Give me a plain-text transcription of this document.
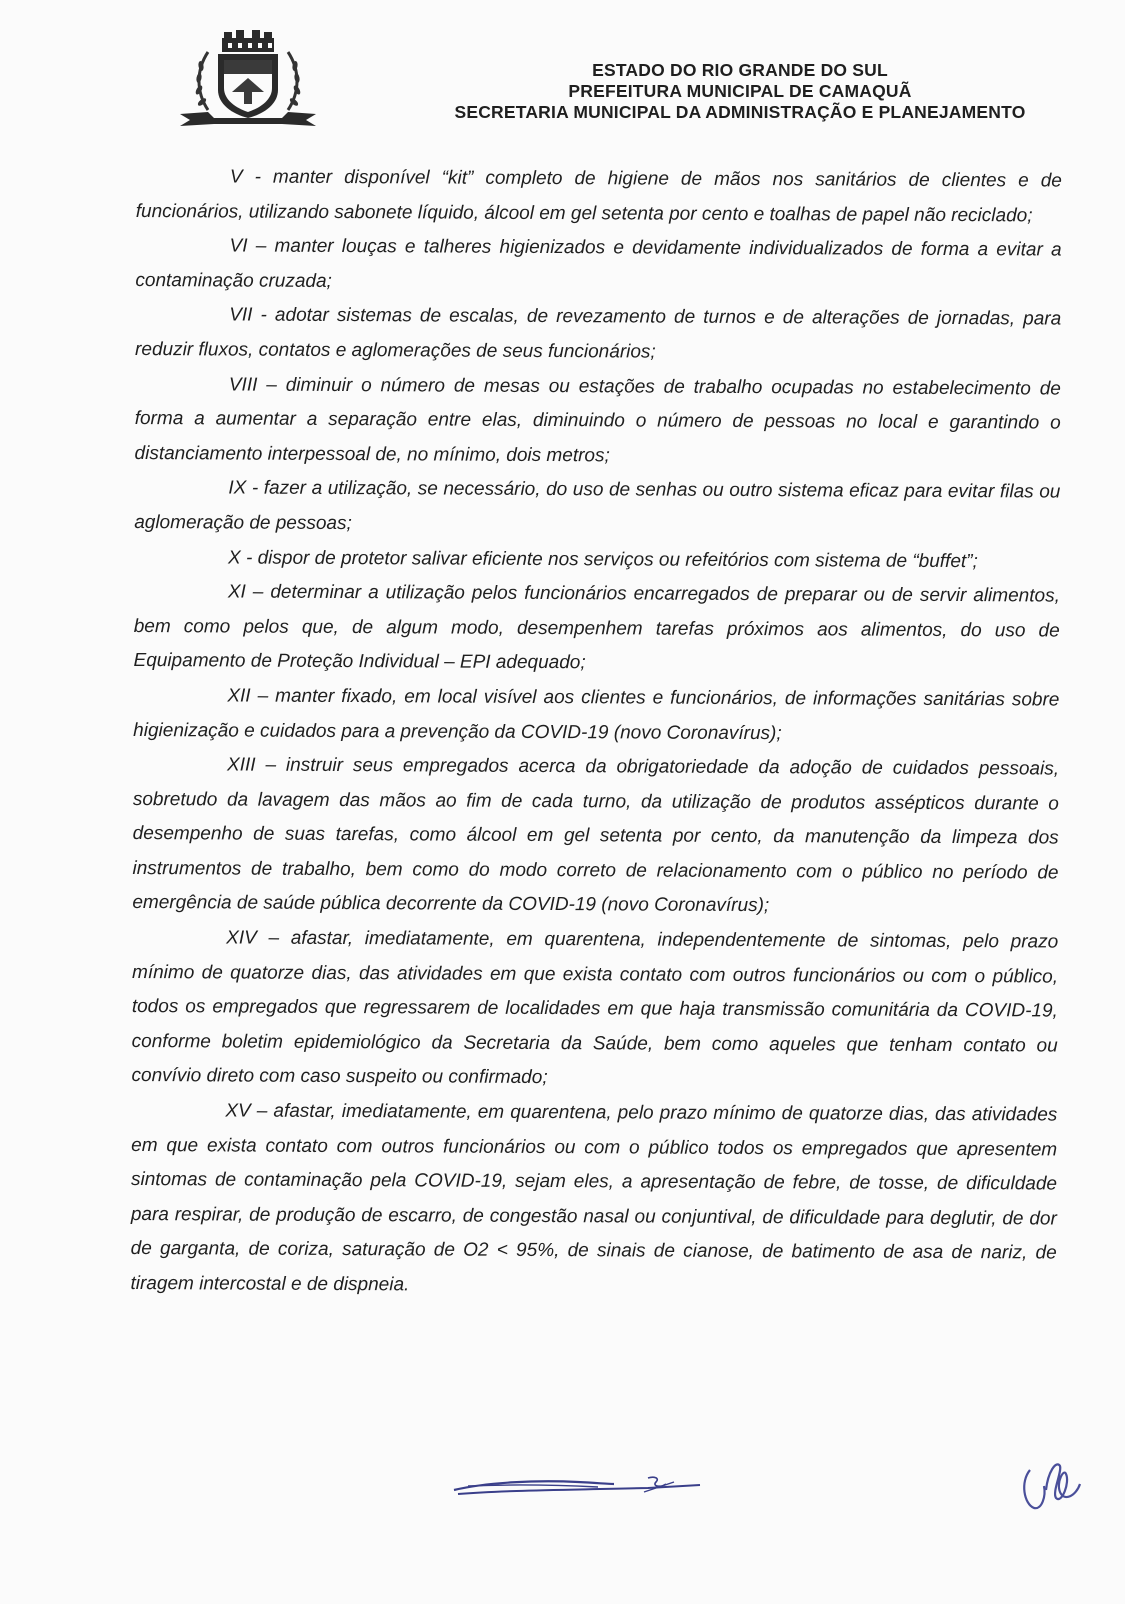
ESTADO DO RIO GRANDE DO SUL
PREFEITURA MUNICIPAL DE CAMAQUÃ
SECRETARIA MUNICIPAL DA ADMINISTRAÇÃO E PLANEJAMENTO

V - manter disponível “kit” completo de higiene de mãos nos sanitários de clientes e de funcionários, utilizando sabonete líquido, álcool em gel setenta por cento e toalhas de papel não reciclado;

VI – manter louças e talheres higienizados e devidamente individualizados de forma a evitar a contaminação cruzada;

VII - adotar sistemas de escalas, de revezamento de turnos e de alterações de jornadas, para reduzir fluxos, contatos e aglomerações de seus funcionários;

VIII – diminuir o número de mesas ou estações de trabalho ocupadas no estabelecimento de forma a aumentar a separação entre elas, diminuindo o número de pessoas no local e garantindo o distanciamento interpessoal de, no mínimo, dois metros;

IX - fazer a utilização, se necessário, do uso de senhas ou outro sistema eficaz para evitar filas ou aglomeração de pessoas;

X - dispor de protetor salivar eficiente nos serviços ou refeitórios com sistema de “buffet”;

XI – determinar a utilização pelos funcionários encarregados de preparar ou de servir alimentos, bem como pelos que, de algum modo, desempenhem tarefas próximos aos alimentos, do uso de Equipamento de Proteção Individual – EPI adequado;

XII – manter fixado, em local visível aos clientes e funcionários, de informações sanitárias sobre higienização e cuidados para a prevenção da COVID-19 (novo Coronavírus);

XIII – instruir seus empregados acerca da obrigatoriedade da adoção de cuidados pessoais, sobretudo da lavagem das mãos ao fim de cada turno, da utilização de produtos assépticos durante o desempenho de suas tarefas, como álcool em gel setenta por cento, da manutenção da limpeza dos instrumentos de trabalho, bem como do modo correto de relacionamento com o público no período de emergência de saúde pública decorrente da COVID-19 (novo Coronavírus);

XIV – afastar, imediatamente, em quarentena, independentemente de sintomas, pelo prazo mínimo de quatorze dias, das atividades em que exista contato com outros funcionários ou com o público, todos os empregados que regressarem de localidades em que haja transmissão comunitária da COVID-19, conforme boletim epidemiológico da Secretaria da Saúde, bem como aqueles que tenham contato ou convívio direto com caso suspeito ou confirmado;

XV – afastar, imediatamente, em quarentena, pelo prazo mínimo de quatorze dias, das atividades em que exista contato com outros funcionários ou com o público todos os empregados que apresentem sintomas de contaminação pela COVID-19, sejam eles, a apresentação de febre, de tosse, de dificuldade para respirar, de produção de escarro, de congestão nasal ou conjuntival, de dificuldade para deglutir, de dor de garganta, de coriza, saturação de O2 < 95%, de sinais de cianose, de batimento de asa de nariz, de tiragem intercostal e de dispneia.
